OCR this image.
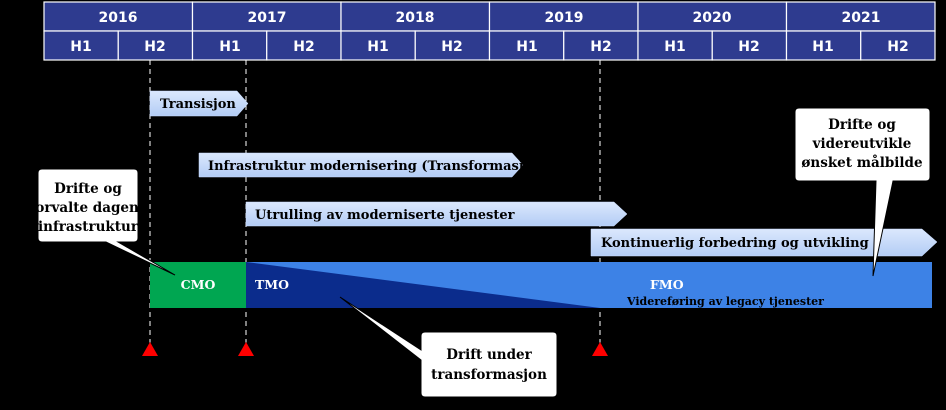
2016	2017	2018	2019	2020	2021
H1	H2	H1	H2	H1	H2	H1	H2	H1	H2	H1	H2
Transisjon
Infrastruktur modernisering (Transformasjon)
Utrulling av moderniserte tjenester
Kontinuerlig forbedring og utvikling
CMO	TMO	FMO
Videreføring av legacy tjenester
Drifte og
forvalte dagens
infrastruktur
Drifte og
videreutvikle
ønsket målbilde
Drift under
transformasjon
